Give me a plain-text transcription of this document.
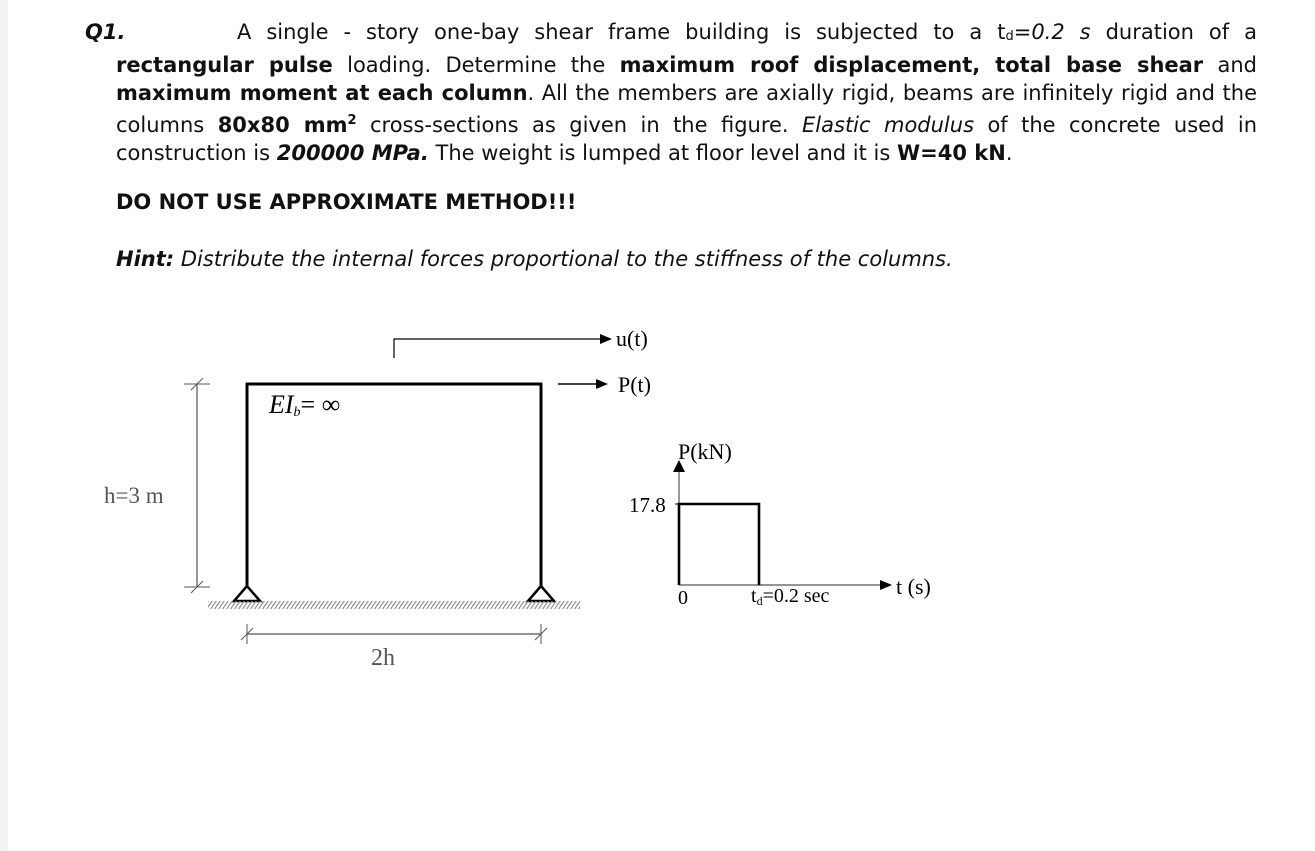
Q1.	A single - story one-bay shear frame building is subjected to a td=0.2 s duration of a
rectangular pulse loading. Determine the maximum roof displacement, total base shear and maximum moment at each column. All the members are axially rigid, beams are infinitely rigid and the columns 80x80 $mm^2$ cross-sections as given in the figure. Elastic modulus of the concrete used in construction is 200000 MPa. The weight is lumped at floor level and it is W=40 kN.
DO NOT USE APPROXIMATE METHOD!!!
Hint: Distribute the internal forces proportional to the stiffness of the columns.
u(t)
P(t)
EIb= ∞
h=3 m
2h
17.8
P(kN)
0	td=0.2 sec	t (s)
